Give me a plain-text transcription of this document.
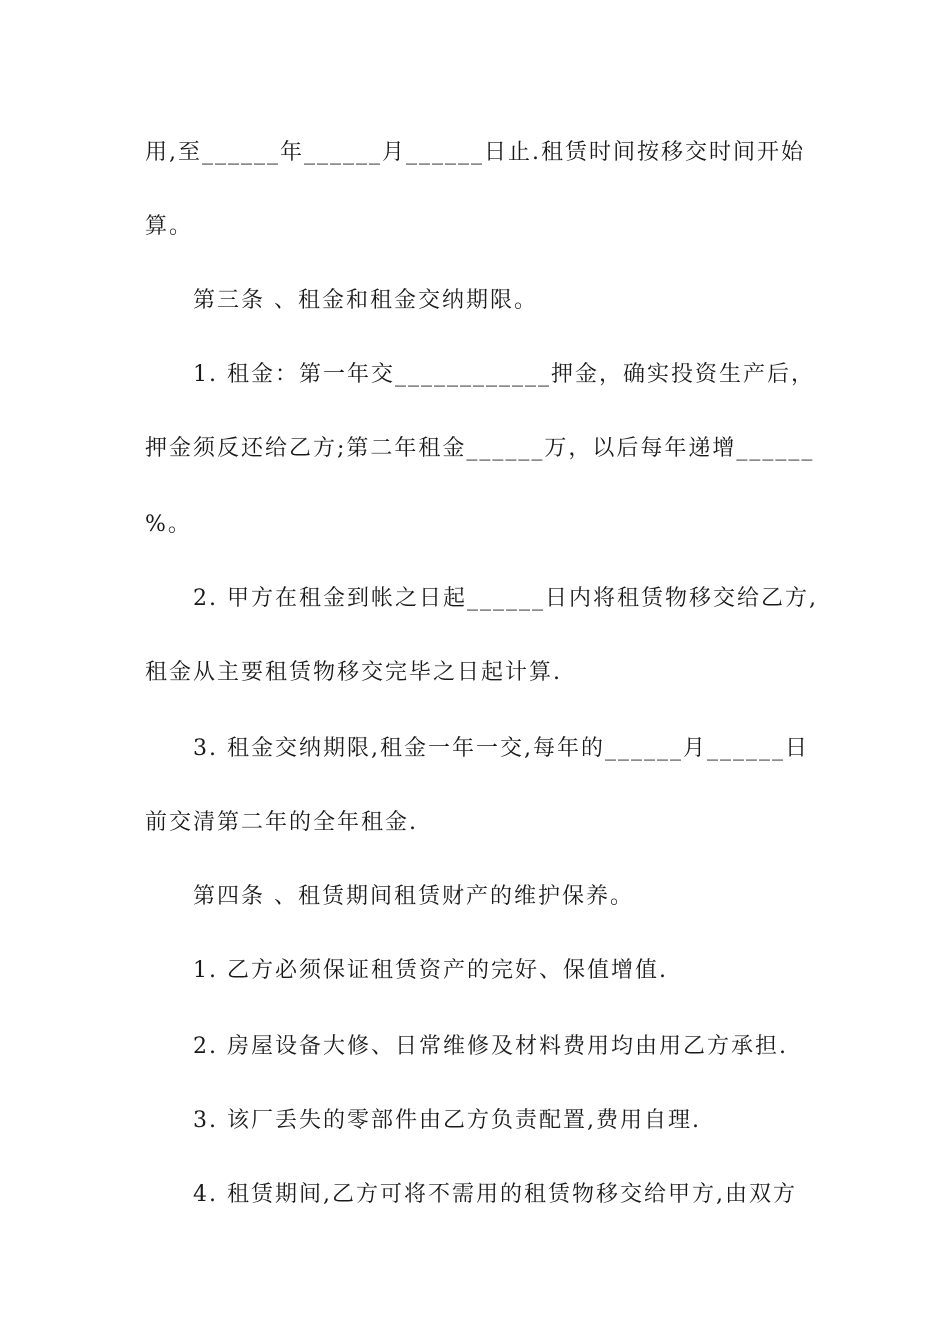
用,至______年______月______日止.租赁时间按移交时间开始
算。
第三条 、租金和租金交纳期限。
1. 租金：第一年交____________押金，确实投资生产后，
押金须反还给乙方;第二年租金______万，以后每年递增______
%。
2. 甲方在租金到帐之日起______日内将租赁物移交给乙方,
租金从主要租赁物移交完毕之日起计算.
3. 租金交纳期限,租金一年一交,每年的______月______日
前交清第二年的全年租金.
第四条 、租赁期间租赁财产的维护保养。
1. 乙方必须保证租赁资产的完好、保值增值.
2. 房屋设备大修、日常维修及材料费用均由用乙方承担.
3. 该厂丢失的零部件由乙方负责配置,费用自理.
4. 租赁期间,乙方可将不需用的租赁物移交给甲方,由双方
